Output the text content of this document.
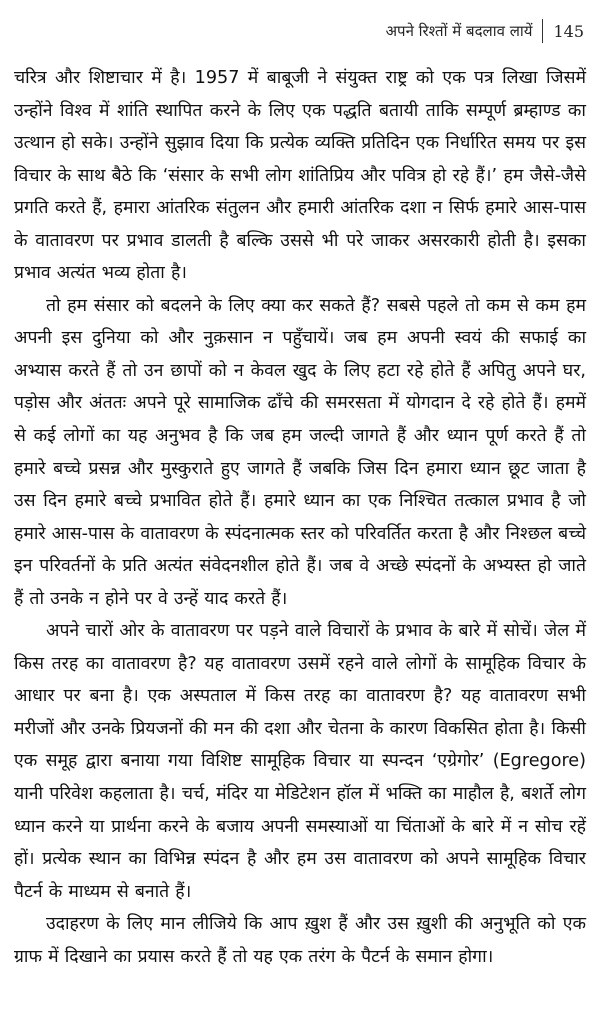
अपने रिश्तों में बदलाव लायें	145

चरित्र और शिष्टाचार में है। 1957 में बाबूजी ने संयुक्त राष्ट्र को एक पत्र लिखा जिसमें उन्होंने विश्व में शांति स्थापित करने के लिए एक पद्धति बतायी ताकि सम्पूर्ण ब्रम्हाण्ड का उत्थान हो सके। उन्होंने सुझाव दिया कि प्रत्येक व्यक्ति प्रतिदिन एक निर्धारित समय पर इस विचार के साथ बैठे कि ‘संसार के सभी लोग शांतिप्रिय और पवित्र हो रहे हैं।’ हम जैसे-जैसे प्रगति करते हैं, हमारा आंतरिक संतुलन और हमारी आंतरिक दशा न सिर्फ हमारे आस-पास के वातावरण पर प्रभाव डालती है बल्कि उससे भी परे जाकर असरकारी होती है। इसका प्रभाव अत्यंत भव्य होता है।

तो हम संसार को बदलने के लिए क्या कर सकते हैं? सबसे पहले तो कम से कम हम अपनी इस दुनिया को और नुक़सान न पहुँचायें। जब हम अपनी स्वयं की सफाई का अभ्यास करते हैं तो उन छापों को न केवल खुद के लिए हटा रहे होते हैं अपितु अपने घर, पड़ोस और अंततः अपने पूरे सामाजिक ढाँचे की समरसता में योगदान दे रहे होते हैं। हममें से कई लोगों का यह अनुभव है कि जब हम जल्दी जागते हैं और ध्यान पूर्ण करते हैं तो हमारे बच्चे प्रसन्न और मुस्कुराते हुए जागते हैं जबकि जिस दिन हमारा ध्यान छूट जाता है उस दिन हमारे बच्चे प्रभावित होते हैं। हमारे ध्यान का एक निश्चित तत्काल प्रभाव है जो हमारे आस-पास के वातावरण के स्पंदनात्मक स्तर को परिवर्तित करता है और निश्छल बच्चे इन परिवर्तनों के प्रति अत्यंत संवेदनशील होते हैं। जब वे अच्छे स्पंदनों के अभ्यस्त हो जाते हैं तो उनके न होने पर वे उन्हें याद करते हैं।

अपने चारों ओर के वातावरण पर पड़ने वाले विचारों के प्रभाव के बारे में सोचें। जेल में किस तरह का वातावरण है? यह वातावरण उसमें रहने वाले लोगों के सामूहिक विचार के आधार पर बना है। एक अस्पताल में किस तरह का वातावरण है? यह वातावरण सभी मरीजों और उनके प्रियजनों की मन की दशा और चेतना के कारण विकसित होता है। किसी एक समूह द्वारा बनाया गया विशिष्ट सामूहिक विचार या स्पन्दन ‘एग्रेगोर’ (Egregore) यानी परिवेश कहलाता है। चर्च, मंदिर या मेडिटेशन हॉल में भक्ति का माहौल है, बशर्ते लोग ध्यान करने या प्रार्थना करने के बजाय अपनी समस्याओं या चिंताओं के बारे में न सोच रहें हों। प्रत्येक स्थान का विभिन्न स्पंदन है और हम उस वातावरण को अपने सामूहिक विचार पैटर्न के माध्यम से बनाते हैं।

उदाहरण के लिए मान लीजिये कि आप ख़ुश हैं और उस ख़ुशी की अनुभूति को एक ग्राफ में दिखाने का प्रयास करते हैं तो यह एक तरंग के पैटर्न के समान होगा।
